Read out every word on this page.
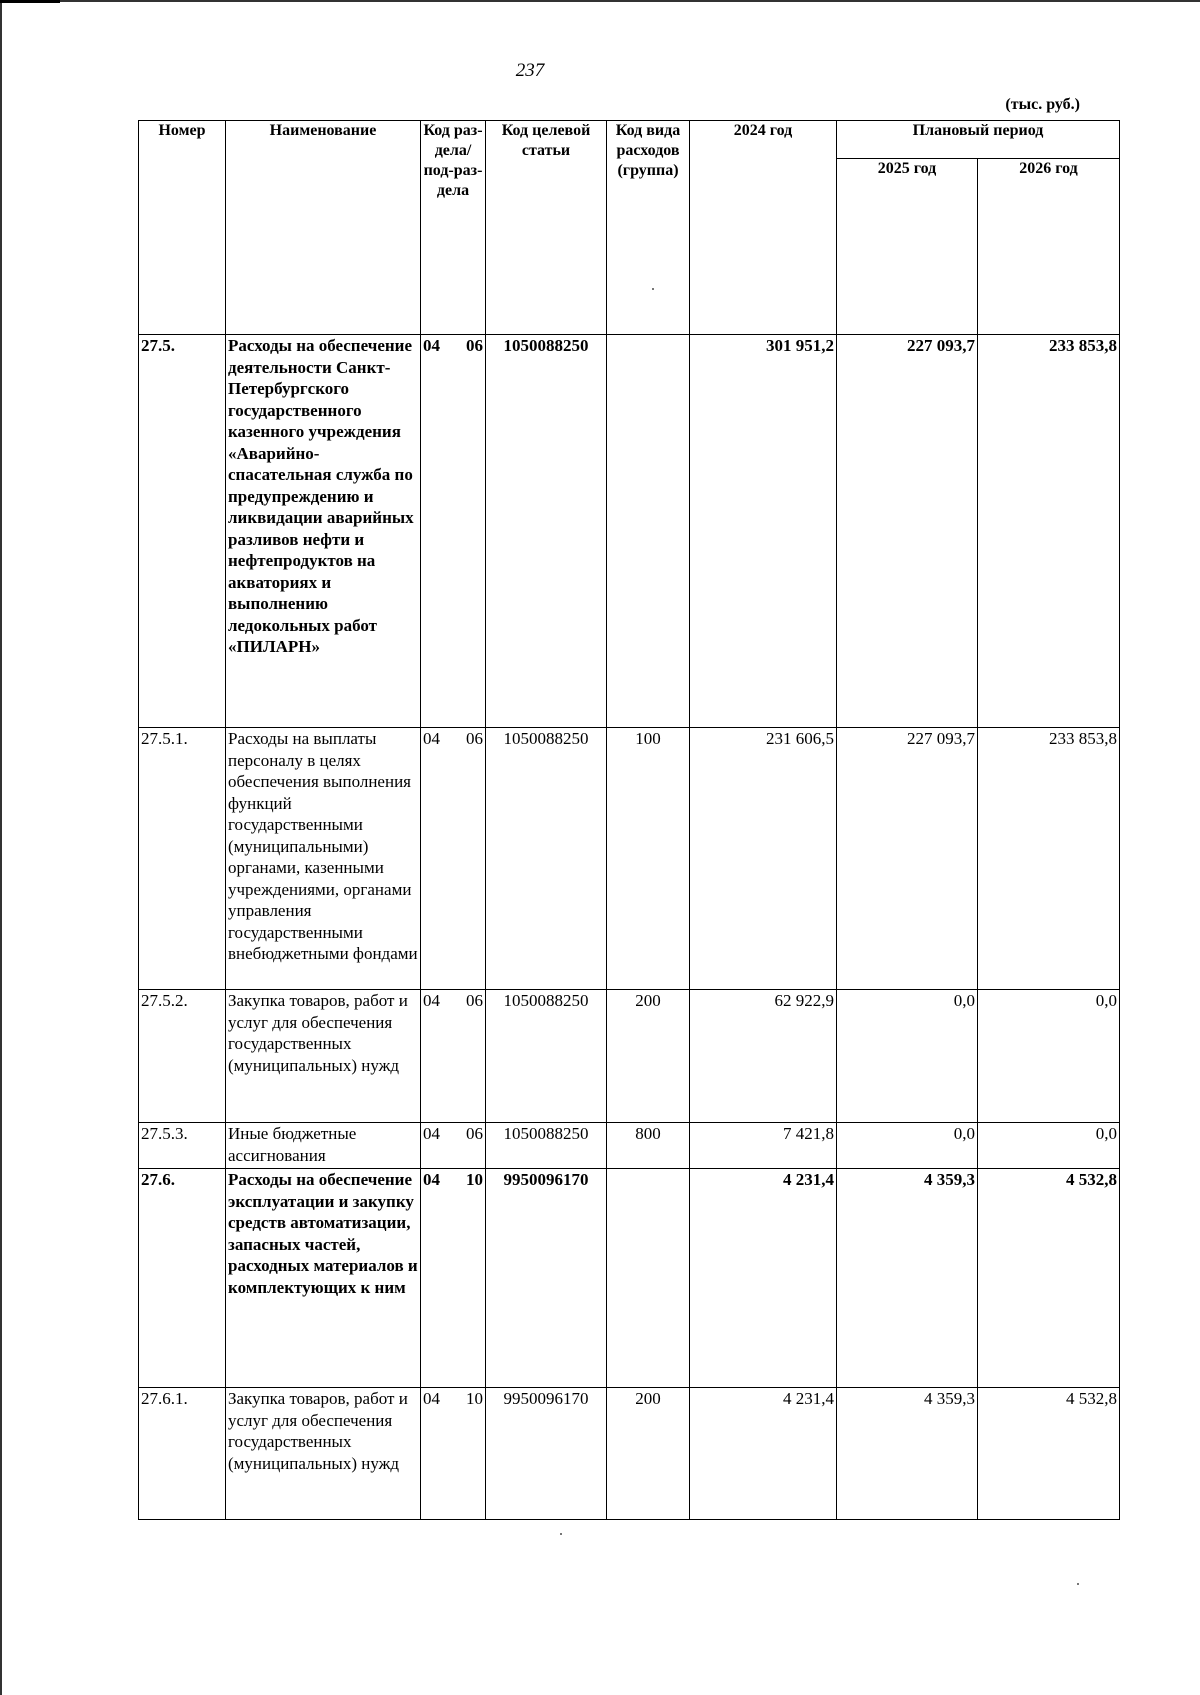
237
(тыс. руб.)
Номер	Наименование	Код раз-дела/ под-раз-дела	Код целевой статьи	Код вида расходов (группа)	2024 год	Плановый период	
						2025 год	2026 год
27.5.	Расходы на обеспечение деятельности Санкт-Петербургского государственного казенного учреждения «Аварийно-спасательная служба по предупреждению и ликвидации аварийных разливов нефти и нефтепродуктов на акваториях и выполнению ледокольных работ «ПИЛАРН»	04 06	1050088250		301 951,2	227 093,7	233 853,8
27.5.1.	Расходы на выплаты персоналу в целях обеспечения выполнения функций государственными (муниципальными) органами, казенными учреждениями, органами управления государственными внебюджетными фондами	04 06	1050088250	100	231 606,5	227 093,7	233 853,8
27.5.2.	Закупка товаров, работ и услуг для обеспечения государственных (муниципальных) нужд	04 06	1050088250	200	62 922,9	0,0	0,0
27.5.3.	Иные бюджетные ассигнования	04 06	1050088250	800	7 421,8	0,0	0,0
27.6.	Расходы на обеспечение эксплуатации и закупку средств автоматизации, запасных частей, расходных материалов и комплектующих к ним	04 10	9950096170		4 231,4	4 359,3	4 532,8
27.6.1.	Закупка товаров, работ и услуг для обеспечения государственных (муниципальных) нужд	04 10	9950096170	200	4 231,4	4 359,3	4 532,8
